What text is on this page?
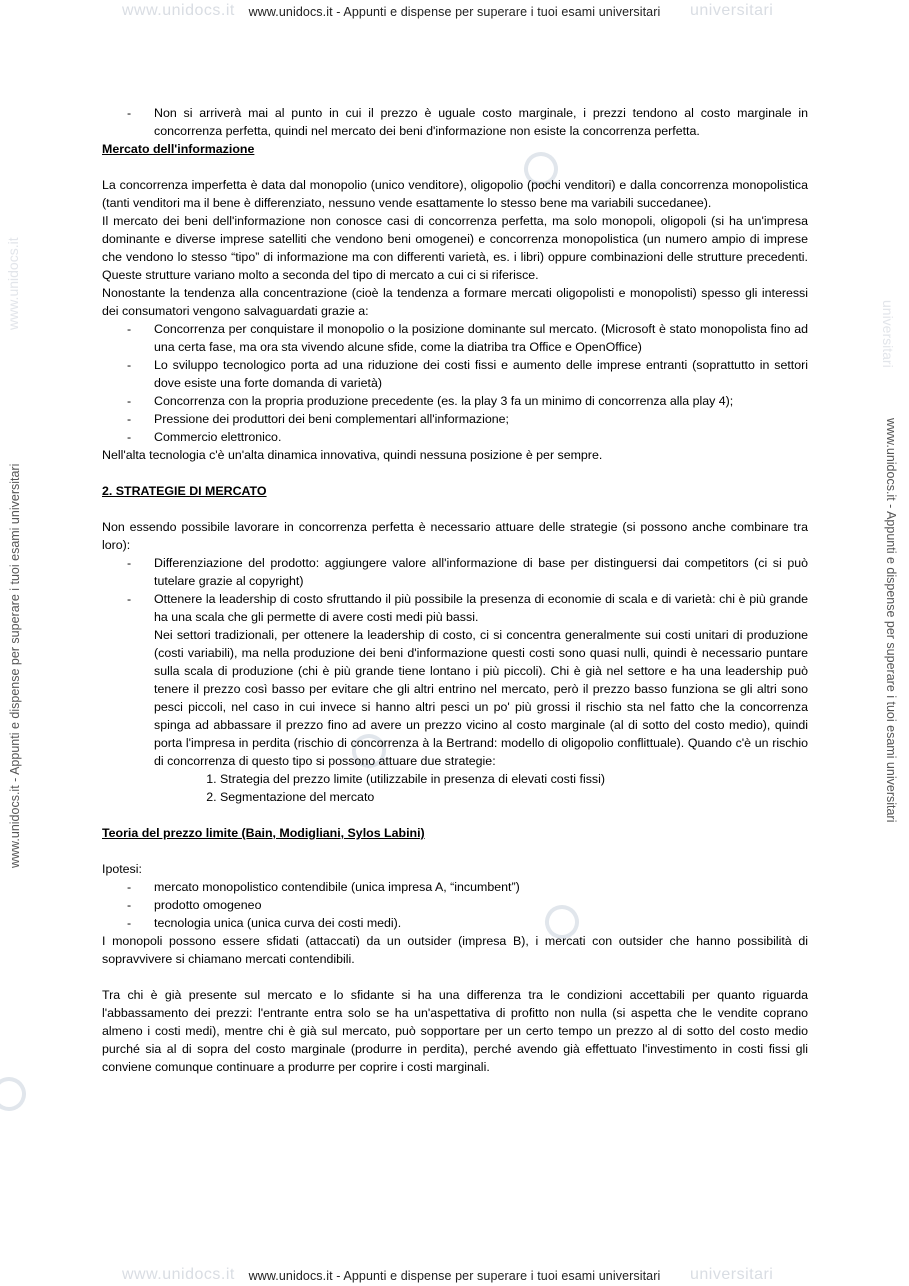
www.unidocs.it	universitari
www.unidocs.it - Appunti e dispense per superare i tuoi esami universitari
www.unidocs.it
universitari
www.unidocs.it - Appunti e dispense per superare i tuoi esami universitari	www.unidocs.it - Appunti e dispense per superare i tuoi esami universitari
- Non si arriverà mai al punto in cui il prezzo è uguale costo marginale, i prezzi tendono al costo marginale in concorrenza perfetta, quindi nel mercato dei beni d'informazione non esiste la concorrenza perfetta.

Mercato dell'informazione

La concorrenza imperfetta è data dal monopolio (unico venditore), oligopolio (pochi venditori) e dalla concorrenza monopolistica (tanti venditori ma il bene è differenziato, nessuno vende esattamente lo stesso bene ma variabili succedanee).

Il mercato dei beni dell'informazione non conosce casi di concorrenza perfetta, ma solo monopoli, oligopoli (si ha un'impresa dominante e diverse imprese satelliti che vendono beni omogenei) e concorrenza monopolistica (un numero ampio di imprese che vendono lo stesso “tipo” di informazione ma con differenti varietà, es. i libri) oppure combinazioni delle strutture precedenti. Queste strutture variano molto a seconda del tipo di mercato a cui ci si riferisce.

Nonostante la tendenza alla concentrazione (cioè la tendenza a formare mercati oligopolisti e monopolisti) spesso gli interessi dei consumatori vengono salvaguardati grazie a:

- Concorrenza per conquistare il monopolio o la posizione dominante sul mercato. (Microsoft è stato monopolista fino ad una certa fase, ma ora sta vivendo alcune sfide, come la diatriba tra Office e OpenOffice)
- Lo sviluppo tecnologico porta ad una riduzione dei costi fissi e aumento delle imprese entranti (soprattutto in settori dove esiste una forte domanda di varietà)
- Concorrenza con la propria produzione precedente (es. la play 3 fa un minimo di concorrenza alla play 4);
- Pressione dei produttori dei beni complementari all'informazione;
- Commercio elettronico.

Nell'alta tecnologia c'è un'alta dinamica innovativa, quindi nessuna posizione è per sempre.

2. STRATEGIE DI MERCATO

Non essendo possibile lavorare in concorrenza perfetta è necessario attuare delle strategie (si possono anche combinare tra loro):

- Differenziazione del prodotto: aggiungere valore all'informazione di base per distinguersi dai competitors (ci si può tutelare grazie al copyright)
- Ottenere la leadership di costo sfruttando il più possibile la presenza di economie di scala e di varietà: chi è più grande ha una scala che gli permette di avere costi medi più bassi.

Nei settori tradizionali, per ottenere la leadership di costo, ci si concentra generalmente sui costi unitari di produzione (costi variabili), ma nella produzione dei beni d'informazione questi costi sono quasi nulli, quindi è necessario puntare sulla scala di produzione (chi è più grande tiene lontano i più piccoli). Chi è già nel settore e ha una leadership può tenere il prezzo così basso per evitare che gli altri entrino nel mercato, però il prezzo basso funziona se gli altri sono pesci piccoli, nel caso in cui invece si hanno altri pesci un po' più grossi il rischio sta nel fatto che la concorrenza spinga ad abbassare il prezzo fino ad avere un prezzo vicino al costo marginale (al di sotto del costo medio), quindi porta l'impresa in perdita (rischio di concorrenza à la Bertrand: modello di oligopolio conflittuale). Quando c'è un rischio di concorrenza di questo tipo si possono attuare due strategie:

1. Strategia del prezzo limite (utilizzabile in presenza di elevati costi fissi)
2. Segmentazione del mercato

Teoria del prezzo limite (Bain, Modigliani, Sylos Labini)

Ipotesi:

- mercato monopolistico contendibile (unica impresa A, “incumbent”)
- prodotto omogeneo
- tecnologia unica (unica curva dei costi medi).

I monopoli possono essere sfidati (attaccati) da un outsider (impresa B), i mercati con outsider che hanno possibilità di sopravvivere si chiamano mercati contendibili.

Tra chi è già presente sul mercato e lo sfidante si ha una differenza tra le condizioni accettabili per quanto riguarda l'abbassamento dei prezzi: l'entrante entra solo se ha un'aspettativa di profitto non nulla (si aspetta che le vendite coprano almeno i costi medi), mentre chi è già sul mercato, può sopportare per un certo tempo un prezzo al di sotto del costo medio purché sia al di sopra del costo marginale (produrre in perdita), perché avendo già effettuato l'investimento in costi fissi gli conviene comunque continuare a produrre per coprire i costi marginali.

www.unidocs.it	universitari
www.unidocs.it - Appunti e dispense per superare i tuoi esami universitari
